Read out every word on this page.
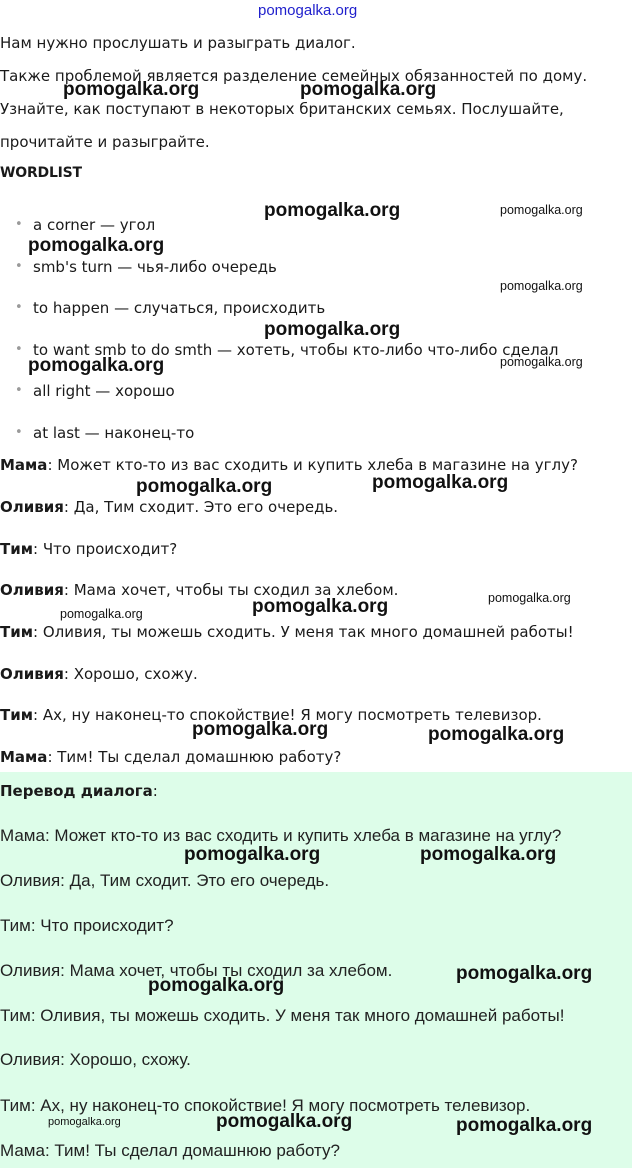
pomogalka.org
Нам нужно прослушать и разыграть диалог.
Также проблемой является разделение семейных обязанностей по дому.
Узнайте, как поступают в некоторых британских семьях. Послушайте,
прочитайте и разыграйте.
WORDLIST
• a corner — угол
• smb's turn — чья-либо очередь
• to happen — случаться, происходить
• to want smb to do smth — хотеть, чтобы кто-либо что-либо сделал
• all right — хорошо
• at last — наконец-то
Мама: Может кто-то из вас сходить и купить хлеба в магазине на углу?
Оливия: Да, Тим сходит. Это его очередь.
Тим: Что происходит?
Оливия: Мама хочет, чтобы ты сходил за хлебом.
Тим: Оливия, ты можешь сходить. У меня так много домашней работы!
Оливия: Хорошо, схожу.
Тим: Ах, ну наконец-то спокойствие! Я могу посмотреть телевизор.
Мама: Тим! Ты сделал домашнюю работу?
Перевод диалога:
Мама: Может кто-то из вас сходить и купить хлеба в магазине на углу?
Оливия: Да, Тим сходит. Это его очередь.
Тим: Что происходит?
Оливия: Мама хочет, чтобы ты сходил за хлебом.
Тим: Оливия, ты можешь сходить. У меня так много домашней работы!
Оливия: Хорошо, схожу.
Тим: Ах, ну наконец-то спокойствие! Я могу посмотреть телевизор.
Мама: Тим! Ты сделал домашнюю работу?
pomogalka.org	pomogalka.org
pomogalka.org	pomogalka.org
pomogalka.org
pomogalka.org
pomogalka.org
pomogalka.org	pomogalka.org
pomogalka.org
pomogalka.org
pomogalka.org
pomogalka.org
pomogalka.org
pomogalka.org	pomogalka.org
pomogalka.org	pomogalka.org
pomogalka.org
pomogalka.org
pomogalka.org
pomogalka.org	pomogalka.org
